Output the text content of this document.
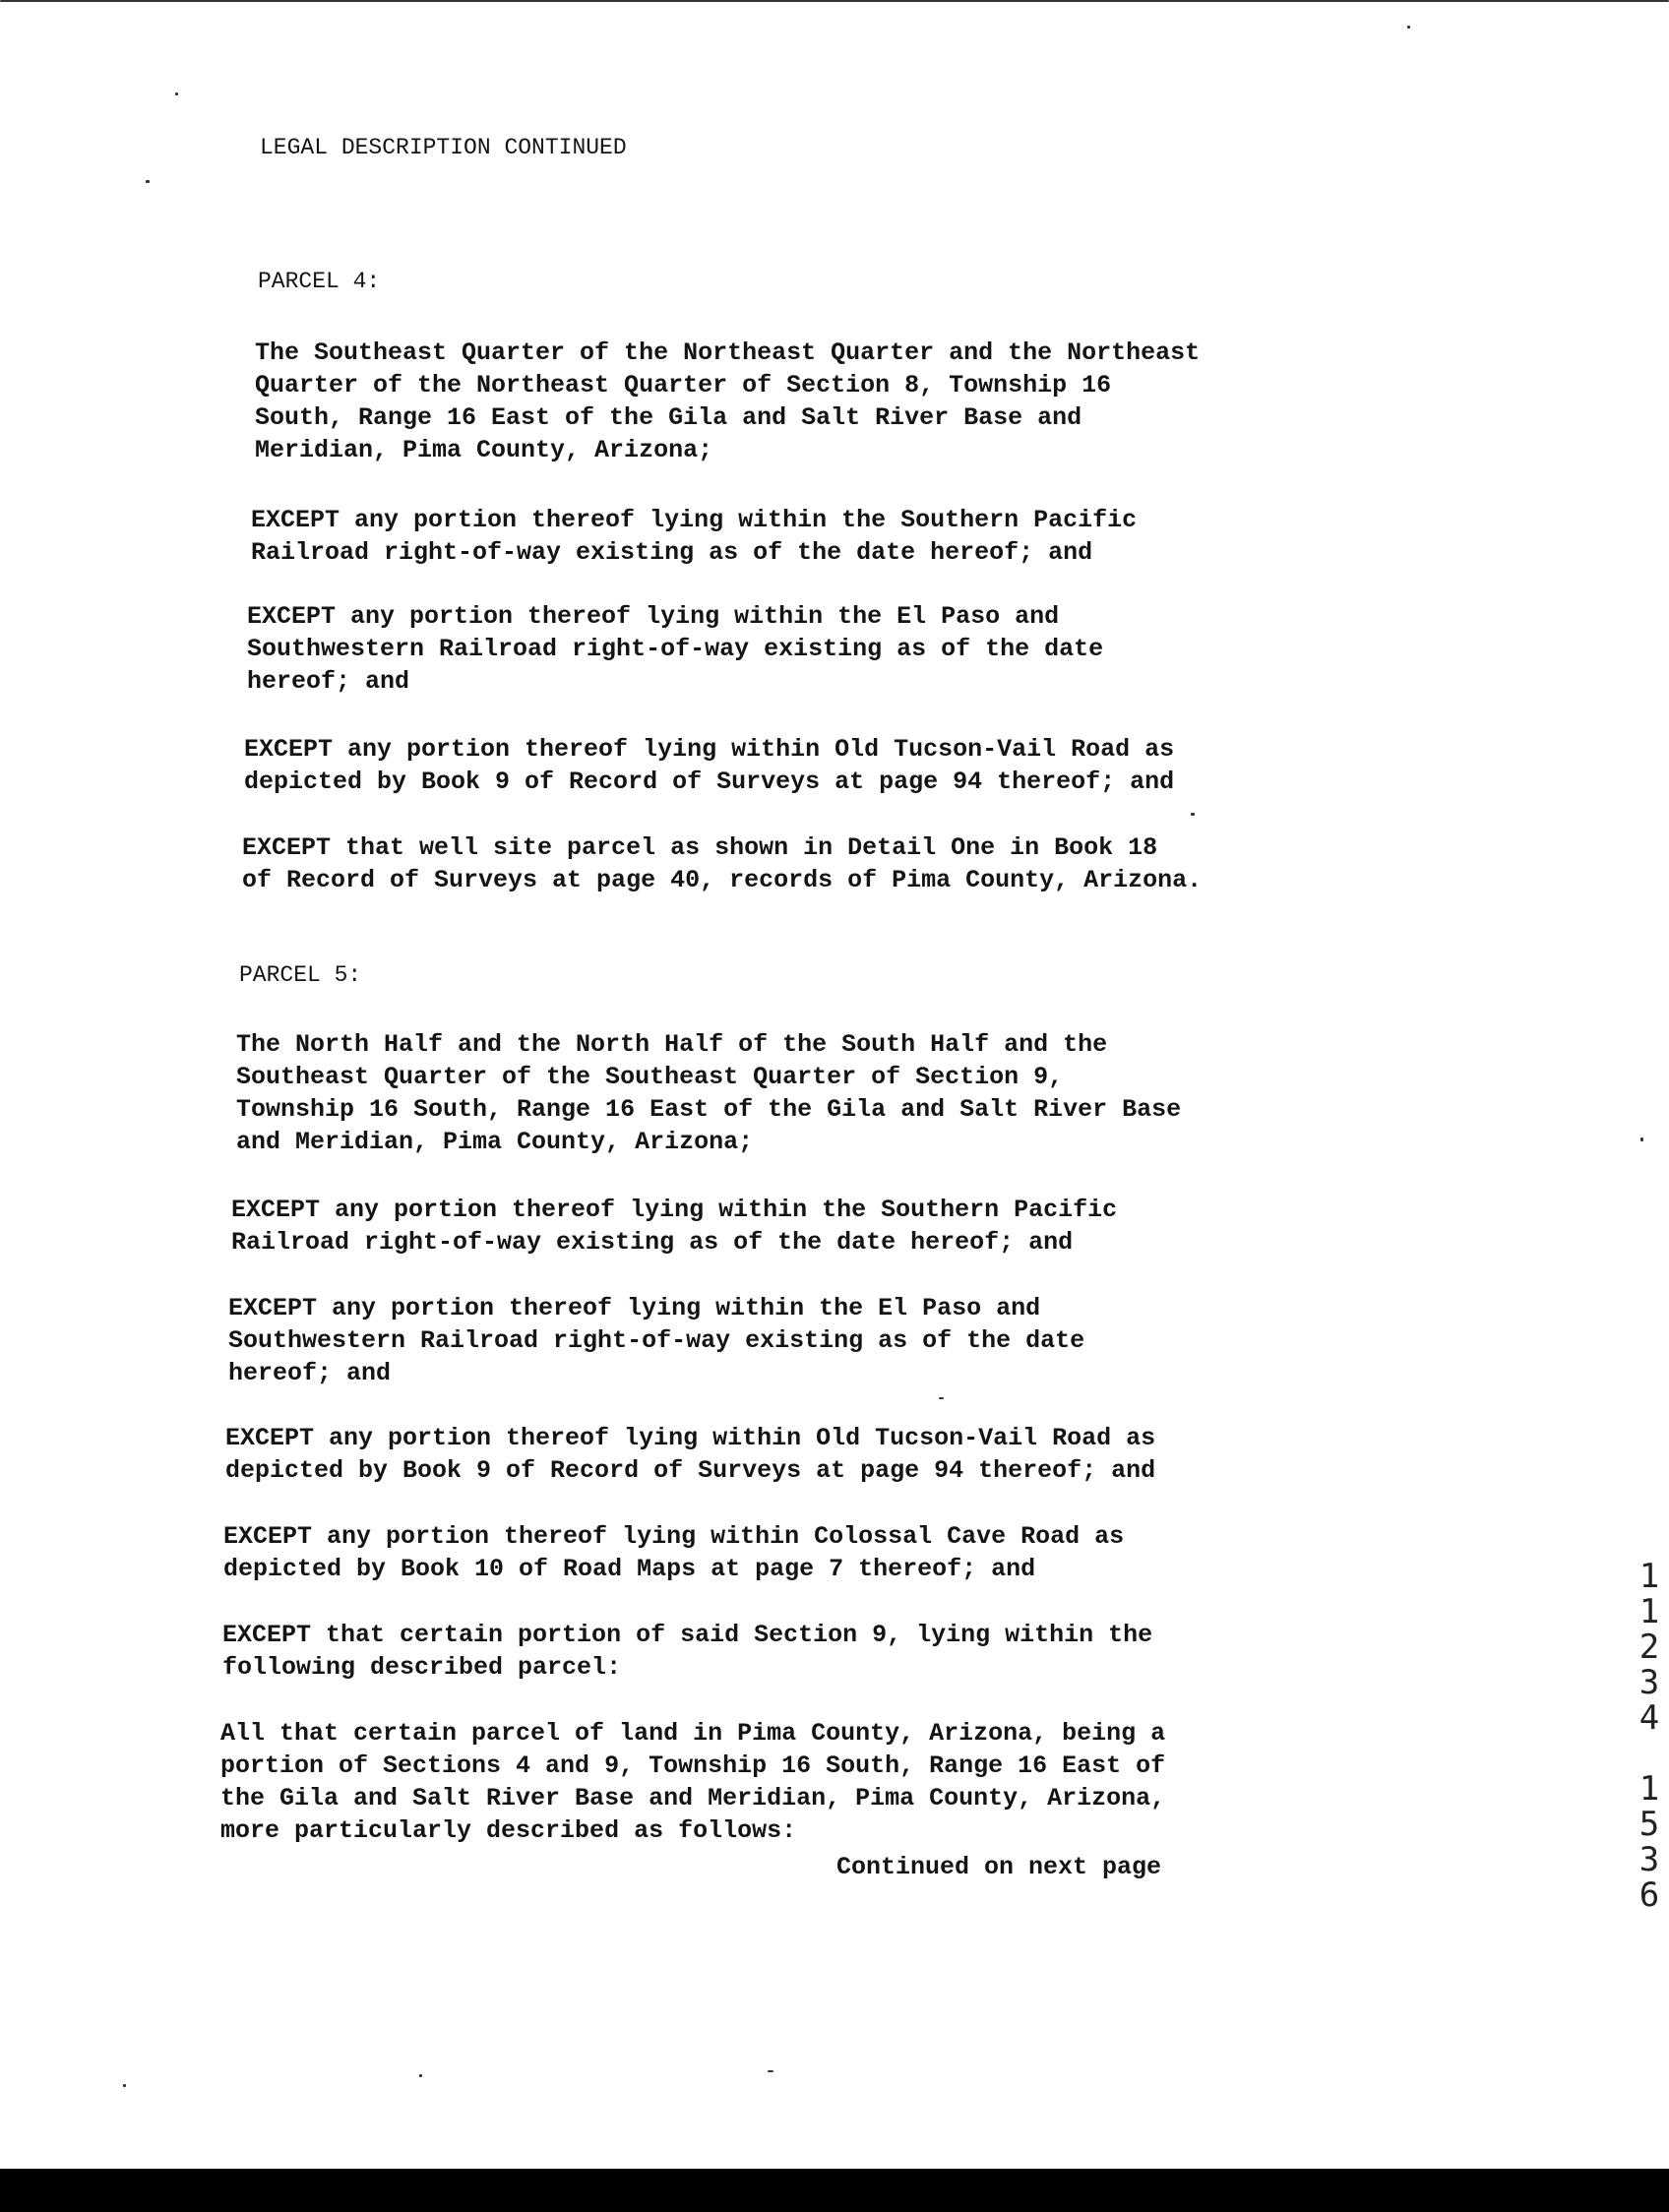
LEGAL DESCRIPTION CONTINUED
PARCEL 4:
The Southeast Quarter of the Northeast Quarter and the Northeast
Quarter of the Northeast Quarter of Section 8, Township 16
South, Range 16 East of the Gila and Salt River Base and
Meridian, Pima County, Arizona;
EXCEPT any portion thereof lying within the Southern Pacific
Railroad right-of-way existing as of the date hereof; and
EXCEPT any portion thereof lying within the El Paso and
Southwestern Railroad right-of-way existing as of the date
hereof; and
EXCEPT any portion thereof lying within Old Tucson-Vail Road as
depicted by Book 9 of Record of Surveys at page 94 thereof; and
EXCEPT that well site parcel as shown in Detail One in Book 18
of Record of Surveys at page 40, records of Pima County, Arizona.
PARCEL 5:
The North Half and the North Half of the South Half and the
Southeast Quarter of the Southeast Quarter of Section 9,
Township 16 South, Range 16 East of the Gila and Salt River Base
and Meridian, Pima County, Arizona;
EXCEPT any portion thereof lying within the Southern Pacific
Railroad right-of-way existing as of the date hereof; and
EXCEPT any portion thereof lying within the El Paso and
Southwestern Railroad right-of-way existing as of the date
hereof; and
EXCEPT any portion thereof lying within Old Tucson-Vail Road as
depicted by Book 9 of Record of Surveys at page 94 thereof; and
EXCEPT any portion thereof lying within Colossal Cave Road as
depicted by Book 10 of Road Maps at page 7 thereof; and
EXCEPT that certain portion of said Section 9, lying within the
following described parcel:
All that certain parcel of land in Pima County, Arizona, being a
portion of Sections 4 and 9, Township 16 South, Range 16 East of
the Gila and Salt River Base and Meridian, Pima County, Arizona,
more particularly described as follows:
Continued on next page
1
1
2
3
4

1
5
3
6
